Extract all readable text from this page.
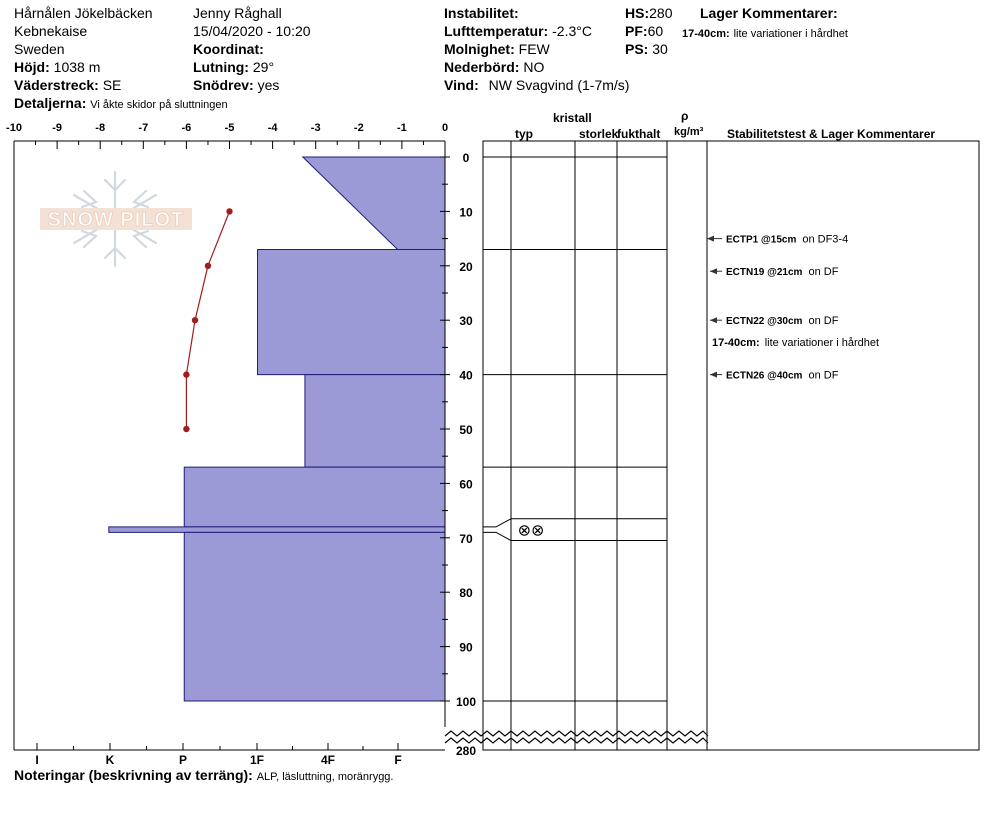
Hårnålen Jökelbäcken
Kebnekaise
Sweden
Höjd: 1038 m
Väderstreck: SE
Detaljerna: Vi åkte skidor på sluttningen
Jenny Råghall
15/04/2020 - 10:20
Koordinat:
Lutning: 29°
Snödrev: yes
Instabilitet:
Lufttemperatur: -2.3°C
Molnighet: FEW
Nederbörd: NO
Vind: NW Svagvind (1-7m/s)
HS:280
PF:60
PS: 30
Lager Kommentarer:
17-40cm: lite variationer i hårdhet
SNOW PILOT
-10	-9	-8	-7	-6	-5	-4	-3	-2	-1	0
I	K	P	1F	4F	F
0
10
20
30
40
50
60
70
80
90
100
280
⊗⊗
ECTP1 @15cm on DF3-4
ECTN19 @21cm on DF
ECTN22 @30cm on DF
ECTN26 @40cm on DF
17-40cm: lite variationer i hårdhet
kristall
typ	storlek
fukthalt
ρ
kg/m³ Stabilitetstest & Lager Kommentarer
Noteringar (beskrivning av terräng): ALP, läsluttning, moränrygg.
